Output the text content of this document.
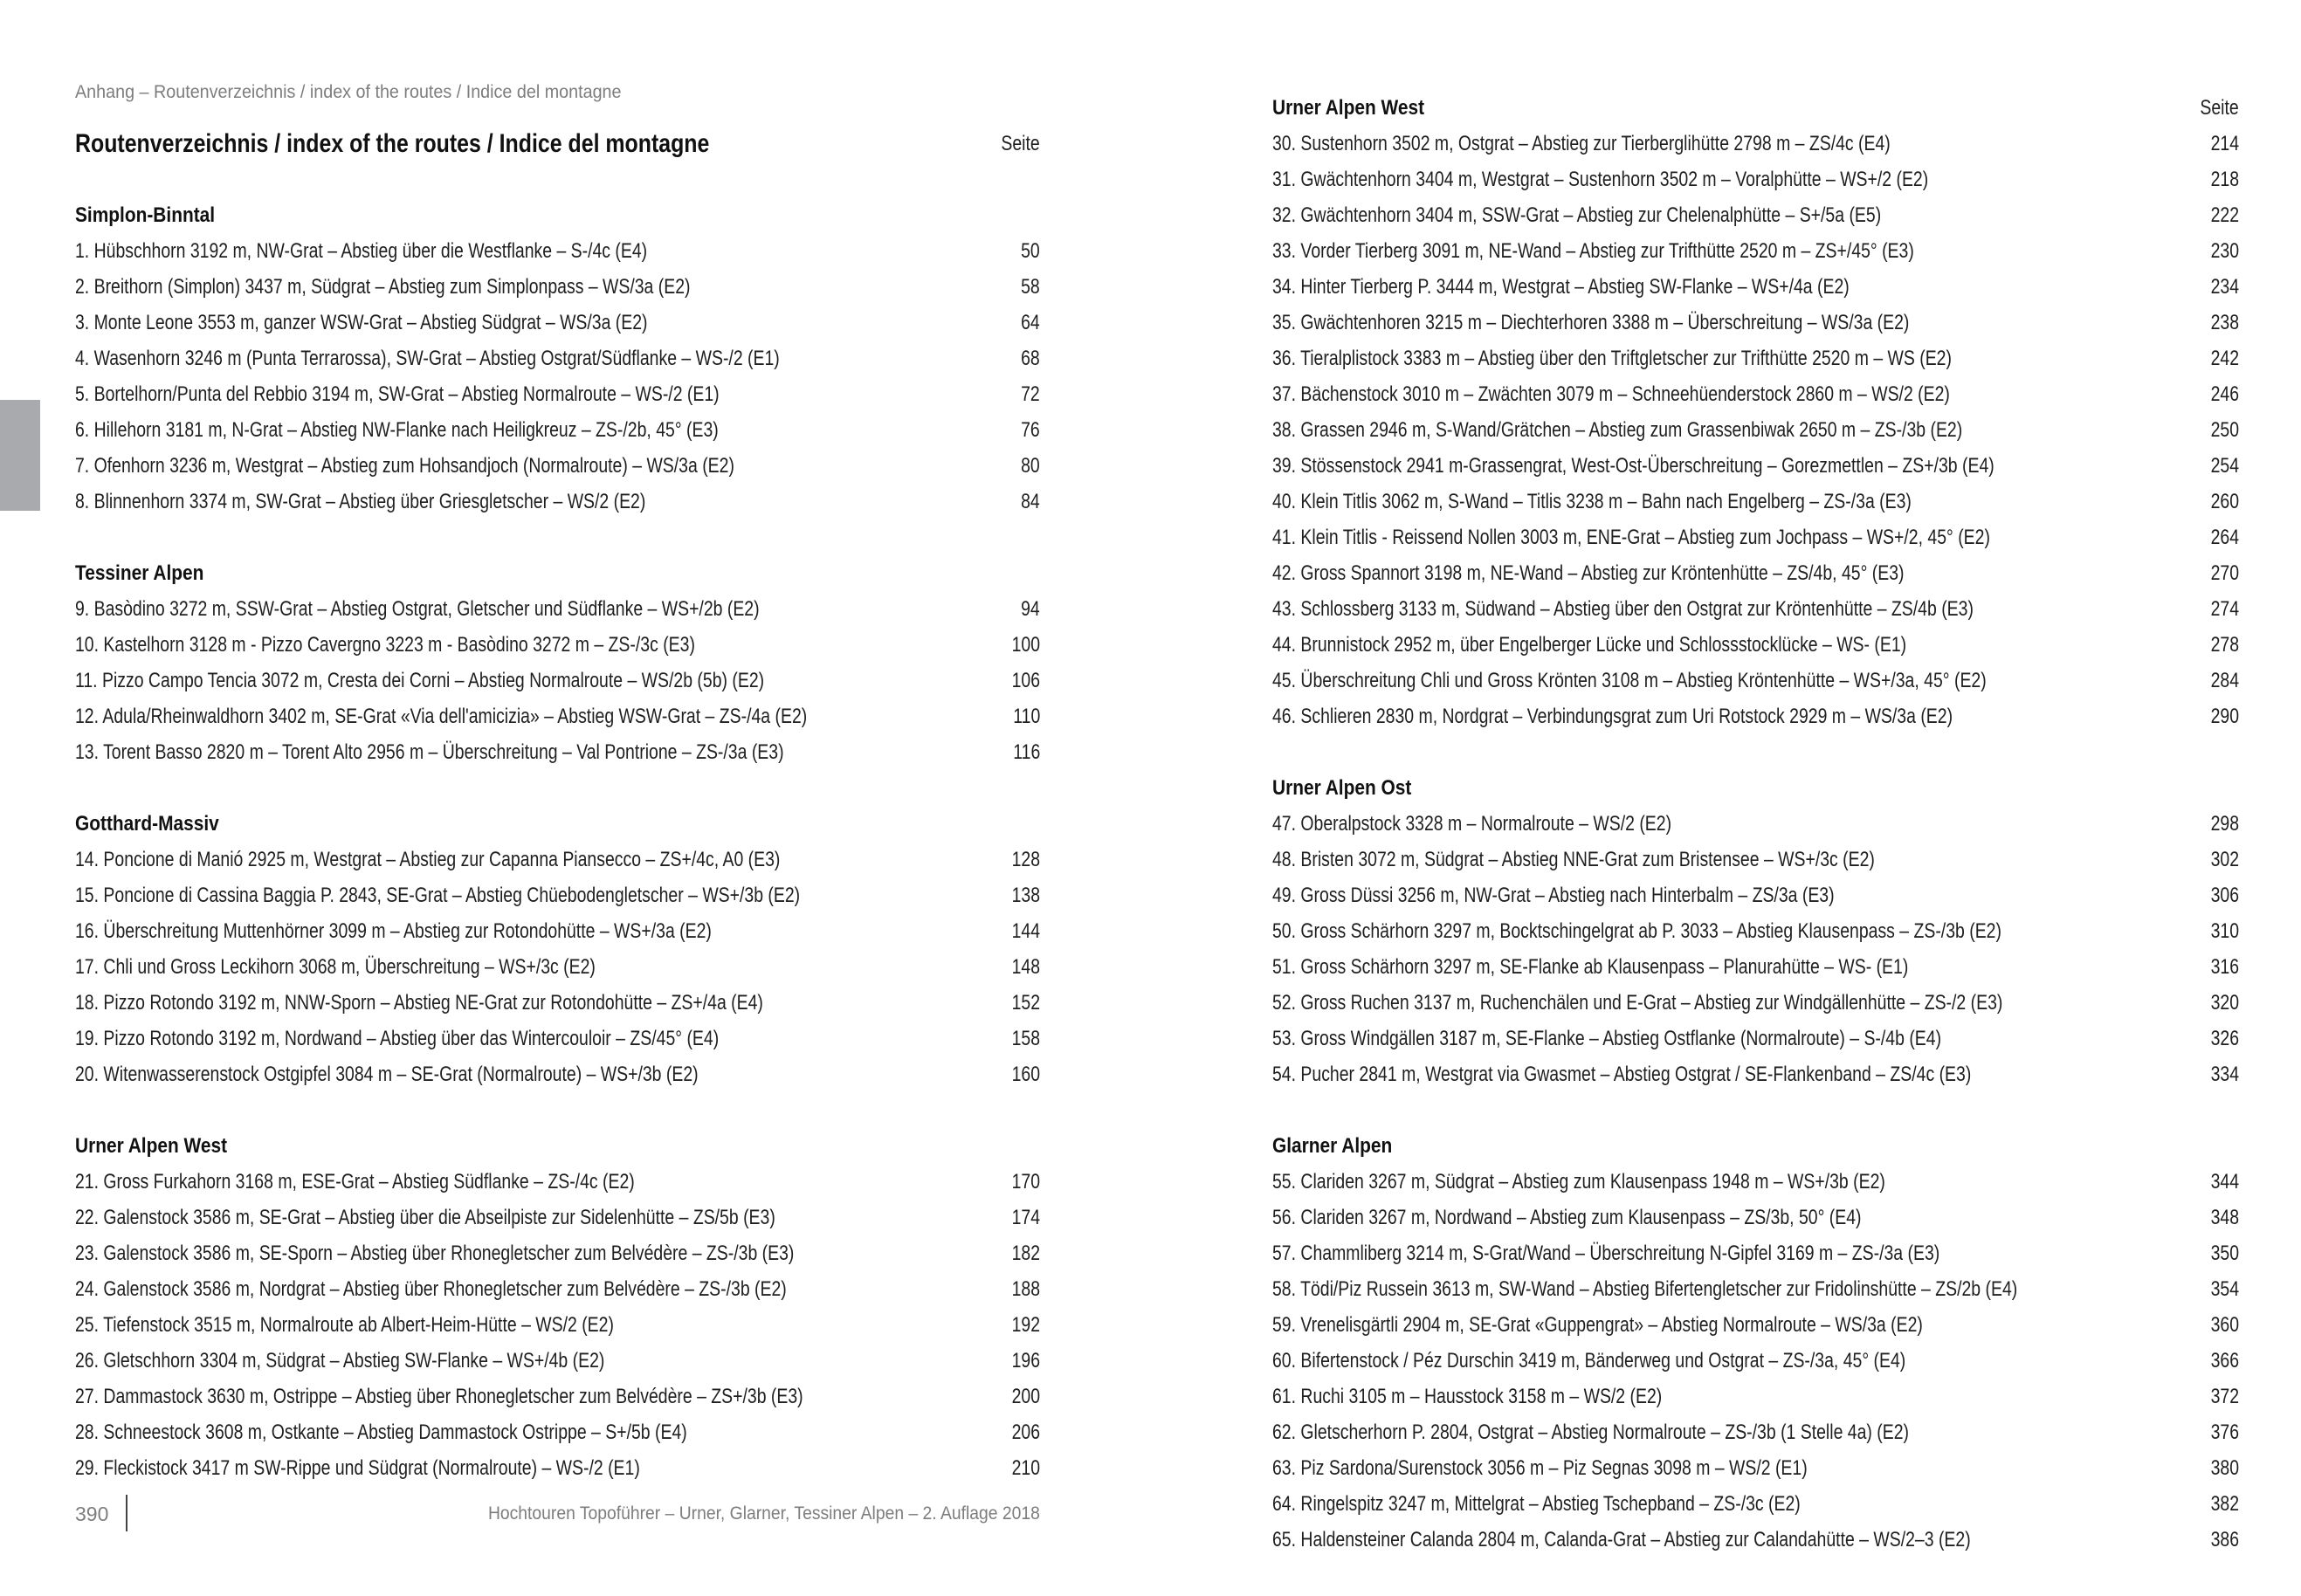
Anhang – Routenverzeichnis / index of the routes / Indice del montagne
Routenverzeichnis / index of the routes / Indice del montagne	Seite
Simplon-Binntal
1. Hübschhorn 3192 m, NW-Grat – Abstieg über die Westflanke – S-/4c (E4)	50
2. Breithorn (Simplon) 3437 m, Südgrat – Abstieg zum Simplonpass – WS/3a (E2)	58
3. Monte Leone 3553 m, ganzer WSW-Grat – Abstieg Südgrat – WS/3a (E2)	64
4. Wasenhorn 3246 m (Punta Terrarossa), SW-Grat – Abstieg Ostgrat/Südflanke – WS-/2 (E1)	68
5. Bortelhorn/Punta del Rebbio 3194 m, SW-Grat – Abstieg Normalroute – WS-/2 (E1)	72
6. Hillehorn 3181 m, N-Grat – Abstieg NW-Flanke nach Heiligkreuz – ZS-/2b, 45° (E3)	76
7. Ofenhorn 3236 m, Westgrat – Abstieg zum Hohsandjoch (Normalroute) – WS/3a (E2)	80
8. Blinnenhorn 3374 m, SW-Grat – Abstieg über Griesgletscher – WS/2 (E2)	84
Tessiner Alpen
9. Basòdino 3272 m, SSW-Grat – Abstieg Ostgrat, Gletscher und Südflanke – WS+/2b (E2)	94
10. Kastelhorn 3128 m - Pizzo Cavergno 3223 m - Basòdino 3272 m – ZS-/3c (E3)	100
11. Pizzo Campo Tencia 3072 m, Cresta dei Corni – Abstieg Normalroute – WS/2b (5b) (E2)	106
12. Adula/Rheinwaldhorn 3402 m, SE-Grat «Via dell'amicizia» – Abstieg WSW-Grat – ZS-/4a (E2)	110
13. Torent Basso 2820 m – Torent Alto 2956 m – Überschreitung – Val Pontrione – ZS-/3a (E3)	116
Gotthard-Massiv
14. Poncione di Manió 2925 m, Westgrat – Abstieg zur Capanna Piansecco – ZS+/4c, A0 (E3)	128
15. Poncione di Cassina Baggia P. 2843, SE-Grat – Abstieg Chüebodengletscher – WS+/3b (E2)	138
16. Überschreitung Muttenhörner 3099 m – Abstieg zur Rotondohütte – WS+/3a (E2)	144
17. Chli und Gross Leckihorn 3068 m, Überschreitung – WS+/3c (E2)	148
18. Pizzo Rotondo 3192 m, NNW-Sporn – Abstieg NE-Grat zur Rotondohütte – ZS+/4a (E4)	152
19. Pizzo Rotondo 3192 m, Nordwand – Abstieg über das Wintercouloir – ZS/45° (E4)	158
20. Witenwasserenstock Ostgipfel 3084 m – SE-Grat (Normalroute) – WS+/3b (E2)	160
Urner Alpen West
21. Gross Furkahorn 3168 m, ESE-Grat – Abstieg Südflanke – ZS-/4c (E2)	170
22. Galenstock 3586 m, SE-Grat – Abstieg über die Abseilpiste zur Sidelenhütte – ZS/5b (E3)	174
23. Galenstock 3586 m, SE-Sporn – Abstieg über Rhonegletscher zum Belvédère – ZS-/3b (E3)	182
24. Galenstock 3586 m, Nordgrat – Abstieg über Rhonegletscher zum Belvédère – ZS-/3b (E2)	188
25. Tiefenstock 3515 m, Normalroute ab Albert-Heim-Hütte – WS/2 (E2)	192
26. Gletschhorn 3304 m, Südgrat – Abstieg SW-Flanke – WS+/4b (E2)	196
27. Dammastock 3630 m, Ostrippe – Abstieg über Rhonegletscher zum Belvédère – ZS+/3b (E3)	200
28. Schneestock 3608 m, Ostkante – Abstieg Dammastock Ostrippe – S+/5b (E4)	206
29. Fleckistock 3417 m SW-Rippe und Südgrat (Normalroute) – WS-/2 (E1)	210
390	Hochtouren Topoführer – Urner, Glarner, Tessiner Alpen – 2. Auflage 2018
Seite
Urner Alpen West
30. Sustenhorn 3502 m, Ostgrat – Abstieg zur Tierberglihütte 2798 m – ZS/4c (E4)	214
31. Gwächtenhorn 3404 m, Westgrat – Sustenhorn 3502 m – Voralphütte – WS+/2 (E2)	218
32. Gwächtenhorn 3404 m, SSW-Grat – Abstieg zur Chelenalphütte – S+/5a (E5)	222
33. Vorder Tierberg 3091 m, NE-Wand – Abstieg zur Trifthütte 2520 m – ZS+/45° (E3)	230
34. Hinter Tierberg P. 3444 m, Westgrat – Abstieg SW-Flanke – WS+/4a (E2)	234
35. Gwächtenhoren 3215 m – Diechterhoren 3388 m – Überschreitung – WS/3a (E2)	238
36. Tieralplistock 3383 m – Abstieg über den Triftgletscher zur Trifthütte 2520 m – WS (E2)	242
37. Bächenstock 3010 m – Zwächten 3079 m – Schneehüenderstock 2860 m – WS/2 (E2)	246
38. Grassen 2946 m, S-Wand/Grätchen – Abstieg zum Grassenbiwak 2650 m – ZS-/3b (E2)	250
39. Stössenstock 2941 m-Grassengrat, West-Ost-Überschreitung – Gorezmettlen – ZS+/3b (E4)	254
40. Klein Titlis 3062 m, S-Wand – Titlis 3238 m – Bahn nach Engelberg – ZS-/3a (E3)	260
41. Klein Titlis - Reissend Nollen 3003 m, ENE-Grat – Abstieg zum Jochpass – WS+/2, 45° (E2)	264
42. Gross Spannort 3198 m, NE-Wand – Abstieg zur Kröntenhütte – ZS/4b, 45° (E3)	270
43. Schlossberg 3133 m, Südwand – Abstieg über den Ostgrat zur Kröntenhütte – ZS/4b (E3)	274
44. Brunnistock 2952 m, über Engelberger Lücke und Schlossstocklücke – WS- (E1)	278
45. Überschreitung Chli und Gross Krönten 3108 m – Abstieg Kröntenhütte – WS+/3a, 45° (E2)	284
46. Schlieren 2830 m, Nordgrat – Verbindungsgrat zum Uri Rotstock 2929 m – WS/3a (E2)	290
Urner Alpen Ost
47. Oberalpstock 3328 m – Normalroute – WS/2 (E2)	298
48. Bristen 3072 m, Südgrat – Abstieg NNE-Grat zum Bristensee – WS+/3c (E2)	302
49. Gross Düssi 3256 m, NW-Grat – Abstieg nach Hinterbalm – ZS/3a (E3)	306
50. Gross Schärhorn 3297 m, Bocktschingelgrat ab P. 3033 – Abstieg Klausenpass – ZS-/3b (E2)	310
51. Gross Schärhorn 3297 m, SE-Flanke ab Klausenpass – Planurahütte – WS- (E1)	316
52. Gross Ruchen 3137 m, Ruchenchälen und E-Grat – Abstieg zur Windgällenhütte – ZS-/2 (E3)	320
53. Gross Windgällen 3187 m, SE-Flanke – Abstieg Ostflanke (Normalroute) – S-/4b (E4)	326
54. Pucher 2841 m, Westgrat via Gwasmet – Abstieg Ostgrat / SE-Flankenband – ZS/4c (E3)	334
Glarner Alpen
55. Clariden 3267 m, Südgrat – Abstieg zum Klausenpass 1948 m – WS+/3b (E2)	344
56. Clariden 3267 m, Nordwand – Abstieg zum Klausenpass – ZS/3b, 50° (E4)	348
57. Chammliberg 3214 m, S-Grat/Wand – Überschreitung N-Gipfel 3169 m – ZS-/3a (E3)	350
58. Tödi/Piz Russein 3613 m, SW-Wand – Abstieg Bifertengletscher zur Fridolinshütte – ZS/2b (E4)	354
59. Vrenelisgärtli 2904 m, SE-Grat «Guppengrat» – Abstieg Normalroute – WS/3a (E2)	360
60. Bifertenstock / Péz Durschin 3419 m, Bänderweg und Ostgrat – ZS-/3a, 45° (E4)	366
61. Ruchi 3105 m – Hausstock 3158 m – WS/2 (E2)	372
62. Gletscherhorn P. 2804, Ostgrat – Abstieg Normalroute – ZS-/3b (1 Stelle 4a) (E2)	376
63. Piz Sardona/Surenstock 3056 m – Piz Segnas 3098 m – WS/2 (E1)	380
64. Ringelspitz 3247 m, Mittelgrat – Abstieg Tschepband – ZS-/3c (E2)	382
65. Haldensteiner Calanda 2804 m, Calanda-Grat – Abstieg zur Calandahütte – WS/2–3 (E2)	386
